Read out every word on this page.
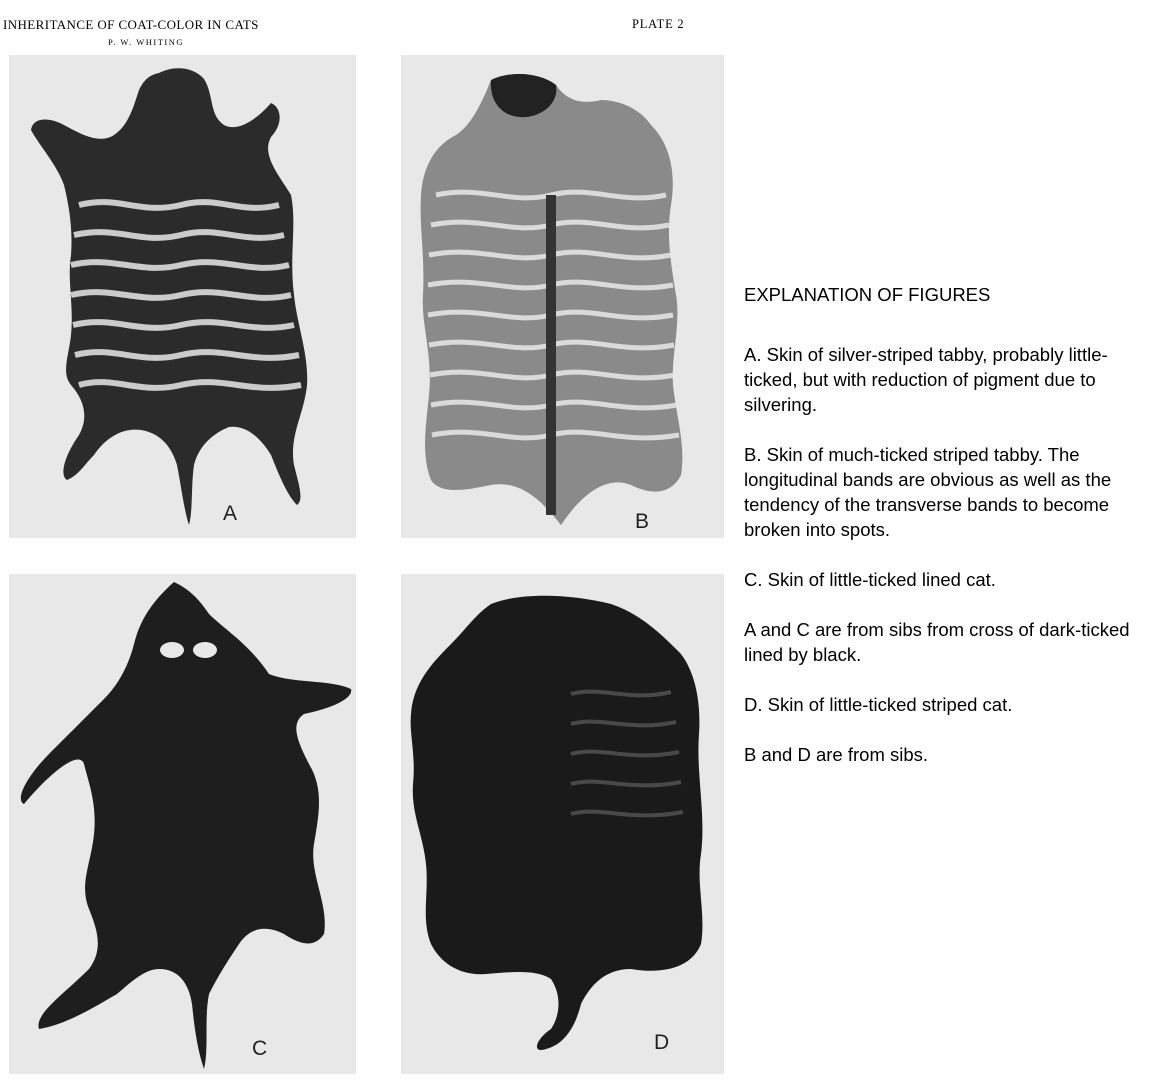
INHERITANCE OF COAT-COLOR IN CATS
P. W. WHITING
PLATE 2
A	B
C	D
EXPLANATION OF FIGURES

A. Skin of silver-striped tabby, probably little-ticked, but with reduction of pigment due to silvering.

B. Skin of much-ticked striped tabby. The longitudinal bands are obvious as well as the tendency of the transverse bands to become broken into spots.

C. Skin of little-ticked lined cat.

A and C are from sibs from cross of dark-ticked lined by black.

D. Skin of little-ticked striped cat.

B and D are from sibs.
